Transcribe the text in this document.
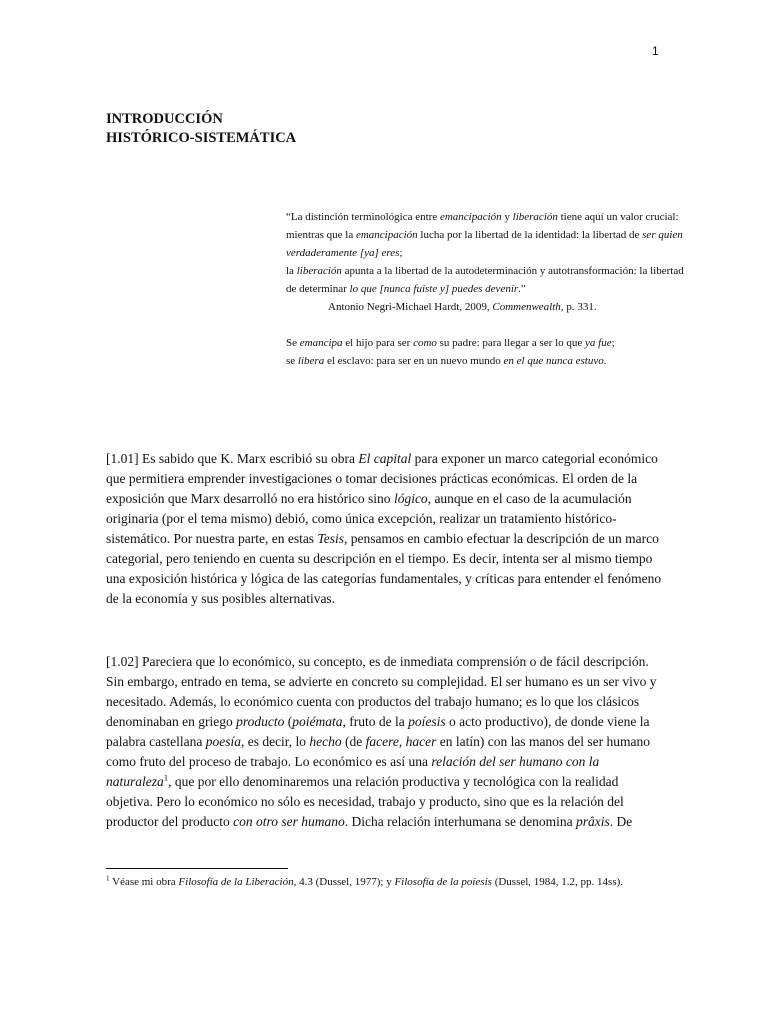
1
INTRODUCCIÓN
HISTÓRICO-SISTEMÁTICA

“La distinción terminológica entre emancipación y liberación tiene aquí un valor crucial:
mientras que la emancipación lucha por la libertad de la identidad: la libertad de ser quien verdaderamente [ya] eres;
la liberación apunta a la libertad de la autodeterminación y autotransformación: la libertad de determinar lo que [nunca fuiste y] puedes devenir.”

Antonio Negri-Michael Hardt, 2009, Commenwealth, p. 331.

Se emancipa el hijo para ser como su padre: para llegar a ser lo que ya fue;
se libera el esclavo: para ser en un nuevo mundo en el que nunca estuvo.

[1.01] Es sabido que K. Marx escribió su obra El capital para exponer un marco categorial económico que permitiera emprender investigaciones o tomar decisiones prácticas económicas. El orden de la exposición que Marx desarrolló no era histórico sino lógico, aunque en el caso de la acumulación originaria (por el tema mismo) debió, como única excepción, realizar un tratamiento histórico-sistemático. Por nuestra parte, en estas Tesis, pensamos en cambio efectuar la descripción de un marco categorial, pero teniendo en cuenta su descripción en el tiempo. Es decir, intenta ser al mismo tiempo una exposición histórica y lógica de las categorías fundamentales, y críticas para entender el fenómeno de la economía y sus posibles alternativas.

[1.02] Pareciera que lo económico, su concepto, es de inmediata comprensión o de fácil descripción. Sin embargo, entrado en tema, se advierte en concreto su complejidad. El ser humano es un ser vivo y necesitado. Además, lo económico cuenta con productos del trabajo humano; es lo que los clásicos denominaban en griego producto (poiémata, fruto de la poíesis o acto productivo), de donde viene la palabra castellana poesía, es decir, lo hecho (de facere, hacer en latín) con las manos del ser humano como fruto del proceso de trabajo. Lo económico es así una relación del ser humano con la naturaleza$^1$, que por ello denominaremos una relación productiva y tecnológica con la realidad objetiva. Pero lo económico no sólo es necesidad, trabajo y producto, sino que es la relación del productor del producto con otro ser humano. Dicha relación interhumana se denomina prâxis. De

$^1$ Véase mi obra Filosofía de la Liberación, 4.3 (Dussel, 1977); y Filosofía de la poíesis (Dussel, 1984, 1.2, pp. 14ss).
